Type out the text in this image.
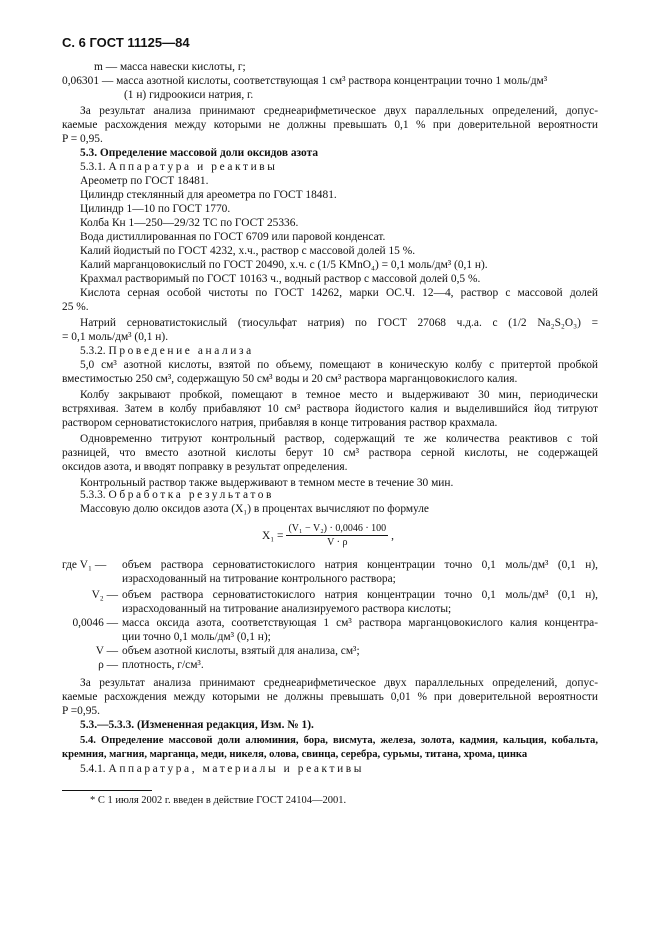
С. 6 ГОСТ 11125—84
m — масса навески кислоты, г;
0,06301 — масса азотной кислоты, соответствующая 1 см³ раствора концентрации точно 1 моль/дм³
(1 н) гидроокиси натрия, г.
За результат анализа принимают среднеарифметическое двух параллельных определений, допус-
каемые расхождения между которыми не должны превышать 0,1 % при доверительной вероятности
P = 0,95.
5.3. Определение массовой доли оксидов азота
5.3.1. Аппаратура и реактивы
Ареометр по ГОСТ 18481.
Цилиндр стеклянный для ареометра по ГОСТ 18481.
Цилиндр 1—10 по ГОСТ 1770.
Колба Кн 1—250—29/32 ТС по ГОСТ 25336.
Вода дистиллированная по ГОСТ 6709 или паровой конденсат.
Калий йодистый по ГОСТ 4232, х.ч., раствор с массовой долей 15 %.
Калий марганцовокислый по ГОСТ 20490, х.ч. c (1/5 KMnO₄) = 0,1 моль/дм³ (0,1 н).
Крахмал растворимый по ГОСТ 10163 ч., водный раствор с массовой долей 0,5 %.
Кислота серная особой чистоты по ГОСТ 14262, марки ОС.Ч. 12—4, раствор с массовой долей
25 %.
Натрий серноватистокислый (тиосульфат натрия) по ГОСТ 27068 ч.д.а. c (1/2 Na₂S₂O₃) =
= 0,1 моль/дм³ (0,1 н).
5.3.2. Проведение анализа
5,0 см³ азотной кислоты, взятой по объему, помещают в коническую колбу с притертой пробкой
вместимостью 250 см³, содержащую 50 см³ воды и 20 см³ раствора марганцовокислого калия.
Колбу закрывают пробкой, помещают в темное место и выдерживают 30 мин, периодически
встряхивая. Затем в колбу прибавляют 10 см³ раствора йодистого калия и выделившийся йод титруют
раствором серноватистокислого натрия, прибавляя в конце титрования раствор крахмала.
Одновременно титруют контрольный раствор, содержащий те же количества реактивов с той
разницей, что вместо азотной кислоты берут 10 см³ раствора серной кислоты, не содержащей
оксидов азота, и вводят поправку в результат определения.
Контрольный раствор также выдерживают в темном месте в течение 30 мин.
5.3.3. Обработка результатов
Массовую долю оксидов азота (X₁) в процентах вычисляют по формуле
$X_1 = \frac{\text{(V₁ − V₂) · 0,0046 · 100}}{V \cdot \rho}$ ,
где V₁ —	объем раствора серноватистокислого натрия концентрации точно 0,1 моль/дм³ (0,1 н),
израсходованный на титрование контрольного раствора;
V₂ — объем раствора серноватистокислого натрия концентрации точно 0,1 моль/дм³ (0,1 н),
израсходованный на титрование анализируемого раствора кислоты;
0,0046 — масса оксида азота, соответствующая 1 см³ раствора марганцовокислого калия концентра-
ции точно 0,1 моль/дм³ (0,1 н);
V — объем азотной кислоты, взятый для анализа, см³;
ρ — плотность, г/см³.
За результат анализа принимают среднеарифметическое двух параллельных определений, допус-
каемые расхождения между которыми не должны превышать 0,01 % при доверительной вероятности
P =0,95.
5.3.—5.3.3. (Измененная редакция, Изм. № 1).
5.4. Определение массовой доли алюминия, бора, висмута, железа, золота, кадмия, кальция, кобальта,
кремния, магния, марганца, меди, никеля, олова, свинца, серебра, сурьмы, титана, хрома, цинка
* С 1 июля 2002 г. введен в действие ГОСТ 24104—2001.
5.4.1. Аппаратура, материалы и реактивы
